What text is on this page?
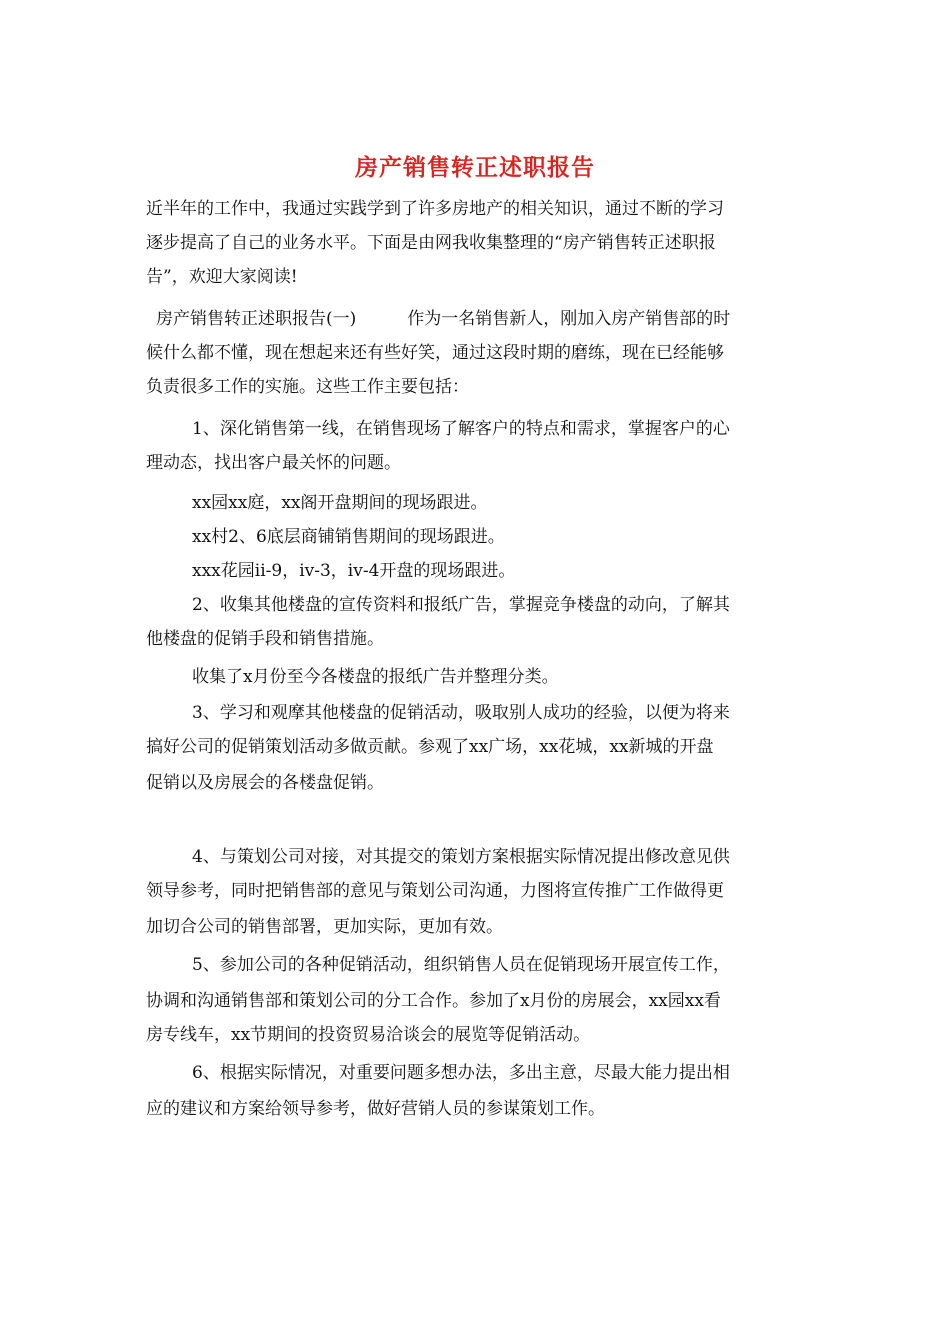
房产销售转正述职报告
近半年的工作中，我通过实践学到了许多房地产的相关知识，通过不断的学习
逐步提高了自己的业务水平。下面是由网我收集整理的“房产销售转正述职报
告”，欢迎大家阅读!
房产销售转正述职报告(一)　　　作为一名销售新人，刚加入房产销售部的时
候什么都不懂，现在想起来还有些好笑，通过这段时期的磨练，现在已经能够
负责很多工作的实施。这些工作主要包括：
1、深化销售第一线，在销售现场了解客户的特点和需求，掌握客户的心
理动态，找出客户最关怀的问题。
xx园xx庭，xx阁开盘期间的现场跟进。
xx村2、6底层商铺销售期间的现场跟进。
xxx花园ii-9，iv-3，iv-4开盘的现场跟进。
2、收集其他楼盘的宣传资料和报纸广告，掌握竞争楼盘的动向，了解其
他楼盘的促销手段和销售措施。
收集了x月份至今各楼盘的报纸广告并整理分类。
3、学习和观摩其他楼盘的促销活动，吸取别人成功的经验，以便为将来
搞好公司的促销策划活动多做贡献。参观了xx广场，xx花城，xx新城的开盘
促销以及房展会的各楼盘促销。
4、与策划公司对接，对其提交的策划方案根据实际情况提出修改意见供
领导参考，同时把销售部的意见与策划公司沟通，力图将宣传推广工作做得更
加切合公司的销售部署，更加实际，更加有效。
5、参加公司的各种促销活动，组织销售人员在促销现场开展宣传工作，
协调和沟通销售部和策划公司的分工合作。参加了x月份的房展会，xx园xx看
房专线车，xx节期间的投资贸易洽谈会的展览等促销活动。
6、根据实际情况，对重要问题多想办法，多出主意，尽最大能力提出相
应的建议和方案给领导参考，做好营销人员的参谋策划工作。
